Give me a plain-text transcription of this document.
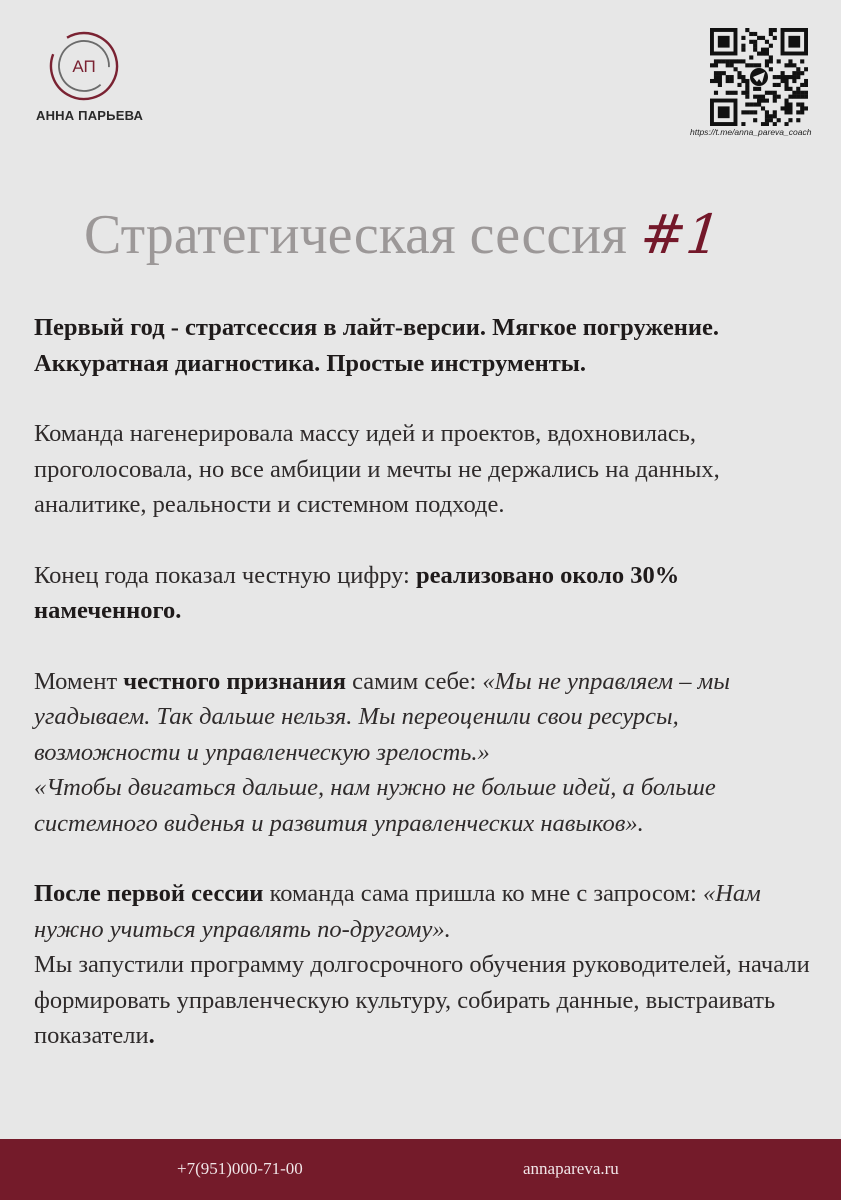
АП
АННА ПАРЬЕВА
https://t.me/anna_pareva_coach
Стратегическая сессия #1

Первый год - стратсессия в лайт-версии. Мягкое погружение. Аккуратная диагностика. Простые инструменты.

Команда нагенерировала массу идей и проектов, вдохновилась, проголосовала, но все амбиции и мечты не держались на данных, аналитике, реальности и системном подходе.

Конец года показал честную цифру: реализовано около 30% намеченного.

Момент честного признания самим себе: «Мы не управляем – мы угадываем. Так дальше нельзя. Мы переоценили свои ресурсы, возможности и управленческую зрелость.»
«Чтобы двигаться дальше, нам нужно не больше идей, а больше системного виденья и развития управленческих навыков».

После первой сессии команда сама пришла ко мне с запросом: «Нам нужно учиться управлять по-другому».
Мы запустили программу долгосрочного обучения руководителей, начали формировать управленческую культуру, собирать данные, выстраивать показатели.

+7(951)000-71-00	annapareva.ru
